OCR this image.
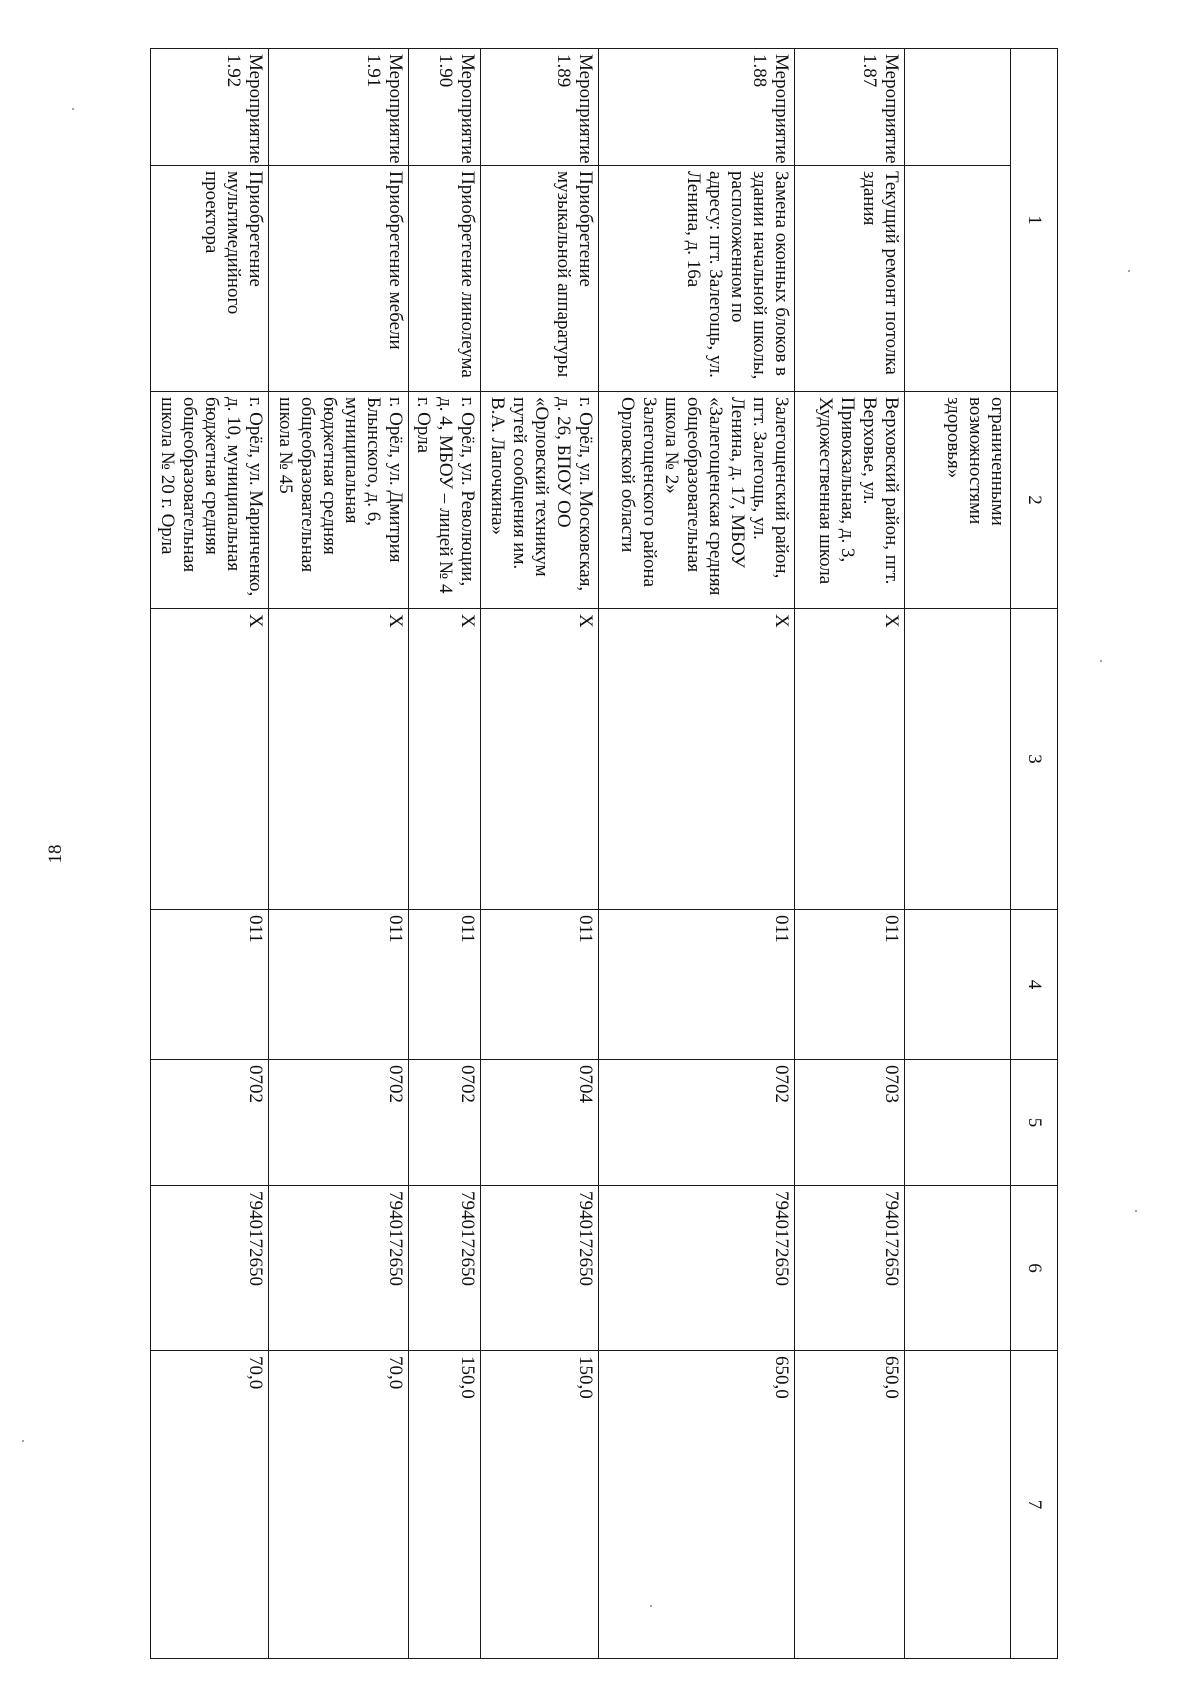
18
1		2	3	4	5	6	7
		ограниченными возможностями здоровья»					
Мероприятие 1.87	Текущий ремонт потолка здания	Верховский район, пгт. Верховье, ул. Привокзальная, д. 3, Художественная школа	Х	011	0703	7940172650	650,0
Мероприятие 1.88	Замена оконных блоков в здании начальной школы, расположенном по адресу: пгт. Залегощь, ул. Ленина, д. 16а	Залегощенский район, пгт. Залегощь, ул. Ленина, д. 17, МБОУ «Залегощенская средняя общеобразовательная школа № 2» Залегощенского района Орловской области	Х	011	0702	7940172650	650,0
Мероприятие 1.89	Приобретение музыкальной аппаратуры	г. Орёл, ул. Московская, д. 26, БПОУ ОО «Орловский техникум путей сообщения им. В.А. Лапочкина»	Х	011	0704	7940172650	150,0
Мероприятие 1.90	Приобретение линолеума	г. Орёл, ул. Революции, д. 4, МБОУ – лицей № 4 г. Орла	Х	011	0702	7940172650	150,0
Мероприятие 1.91	Приобретение мебели	г. Орёл, ул. Дмитрия Блынского, д. 6, муниципальная бюджетная средняя общеобразовательная школа № 45	Х	011	0702	7940172650	70,0
Мероприятие 1.92	Приобретение мультимедийного проектора	г. Орёл, ул. Маринченко, д. 10, муниципальная бюджетная средняя общеобразовательная школа № 20 г. Орла	Х	011	0702	7940172650	70,0
